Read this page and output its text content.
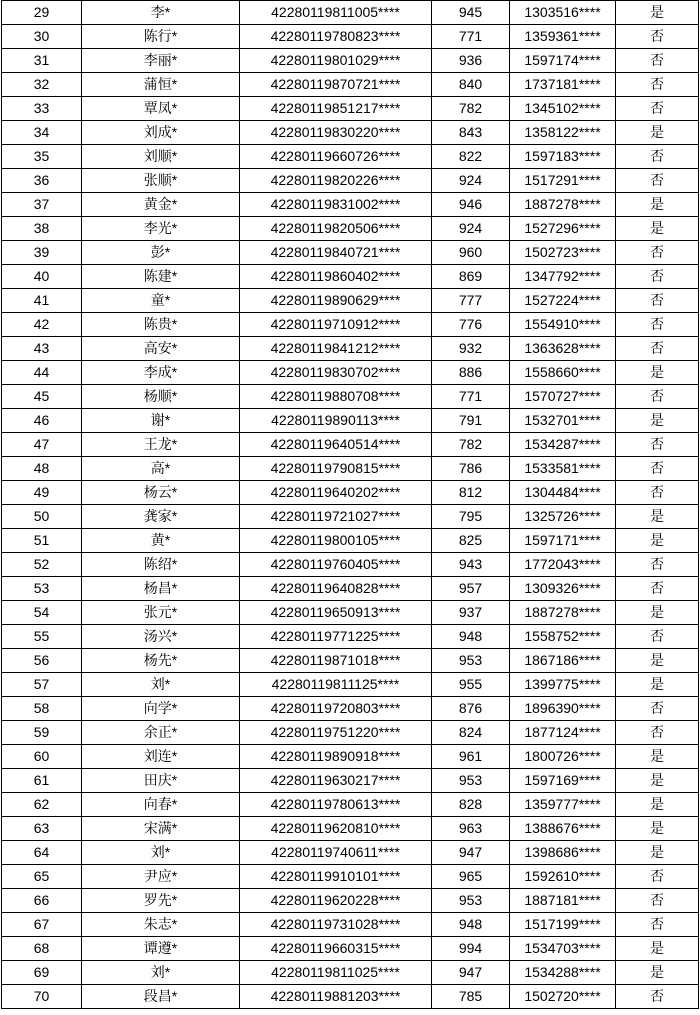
29	李*	42280119811005****	945	1303516****	是
30	陈行*	42280119780823****	771	1359361****	否
31	李丽*	42280119801029****	936	1597174****	否
32	蒲恒*	42280119870721****	840	1737181****	否
33	覃凤*	42280119851217****	782	1345102****	否
34	刘成*	42280119830220****	843	1358122****	是
35	刘顺*	42280119660726****	822	1597183****	否
36	张顺*	42280119820226****	924	1517291****	否
37	黄金*	42280119831002****	946	1887278****	是
38	李光*	42280119820506****	924	1527296****	是
39	彭*	42280119840721****	960	1502723****	否
40	陈建*	42280119860402****	869	1347792****	否
41	童*	42280119890629****	777	1527224****	否
42	陈贵*	42280119710912****	776	1554910****	否
43	高安*	42280119841212****	932	1363628****	否
44	李成*	42280119830702****	886	1558660****	是
45	杨顺*	42280119880708****	771	1570727****	否
46	谢*	42280119890113****	791	1532701****	是
47	王龙*	42280119640514****	782	1534287****	否
48	高*	42280119790815****	786	1533581****	否
49	杨云*	42280119640202****	812	1304484****	否
50	龚家*	42280119721027****	795	1325726****	是
51	黄*	42280119800105****	825	1597171****	是
52	陈绍*	42280119760405****	943	1772043****	否
53	杨昌*	42280119640828****	957	1309326****	否
54	张元*	42280119650913****	937	1887278****	是
55	汤兴*	42280119771225****	948	1558752****	否
56	杨先*	42280119871018****	953	1867186****	是
57	刘*	42280119811125****	955	1399775****	是
58	向学*	42280119720803****	876	1896390****	否
59	余正*	42280119751220****	824	1877124****	否
60	刘连*	42280119890918****	961	1800726****	是
61	田庆*	42280119630217****	953	1597169****	是
62	向春*	42280119780613****	828	1359777****	是
63	宋满*	42280119620810****	963	1388676****	是
64	刘*	42280119740611****	947	1398686****	是
65	尹应*	42280119910101****	965	1592610****	否
66	罗先*	42280119620228****	953	1887181****	否
67	朱志*	42280119731028****	948	1517199****	否
68	谭遵*	42280119660315****	994	1534703****	是
69	刘*	42280119811025****	947	1534288****	是
70	段昌*	42280119881203****	785	1502720****	否
